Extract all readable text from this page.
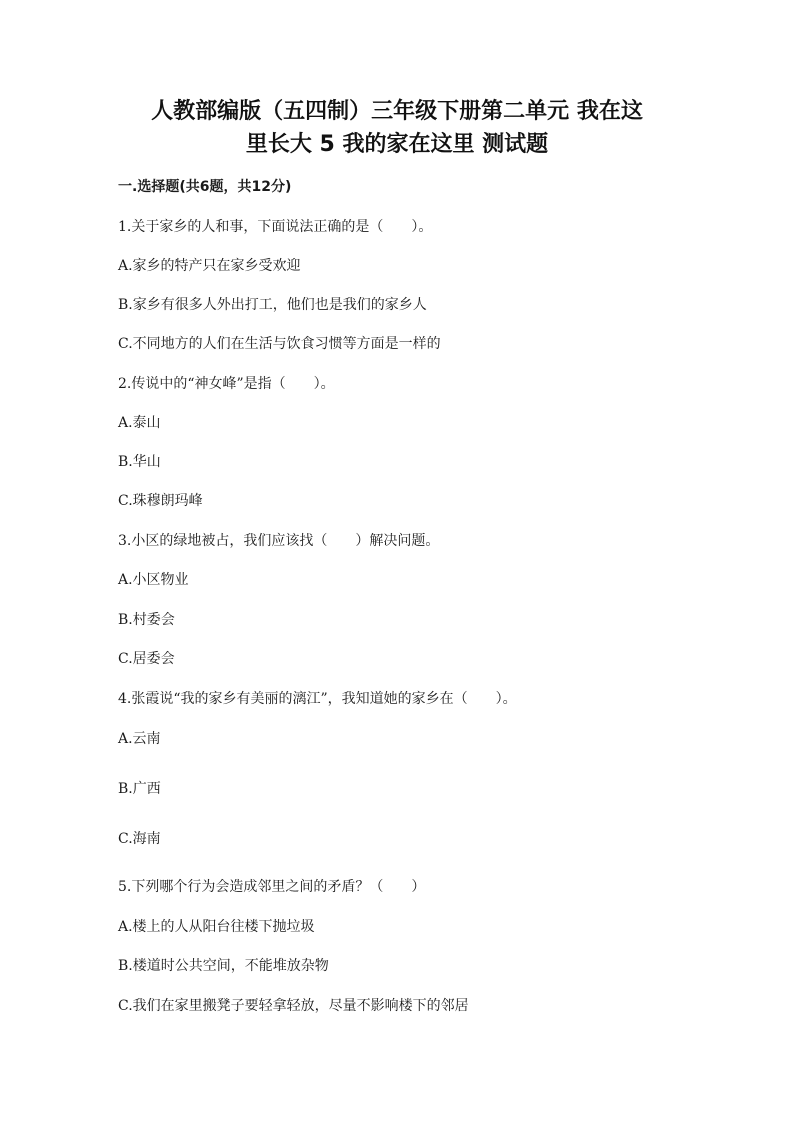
人教部编版（五四制）三年级下册第二单元 我在这
里长大 5 我的家在这里 测试题
一.选择题(共6题，共12分)
1.关于家乡的人和事，下面说法正确的是（　　）。
A.家乡的特产只在家乡受欢迎
B.家乡有很多人外出打工，他们也是我们的家乡人
C.不同地方的人们在生活与饮食习惯等方面是一样的
2.传说中的“神女峰”是指（　　）。
A.泰山
B.华山
C.珠穆朗玛峰
3.小区的绿地被占，我们应该找（　　）解决问题。
A.小区物业
B.村委会
C.居委会
4.张霞说“我的家乡有美丽的漓江”，我知道她的家乡在（　　）。
A.云南
B.广西
C.海南
5.下列哪个行为会造成邻里之间的矛盾？（　　）
A.楼上的人从阳台往楼下抛垃圾
B.楼道时公共空间，不能堆放杂物
C.我们在家里搬凳子要轻拿轻放，尽量不影响楼下的邻居
